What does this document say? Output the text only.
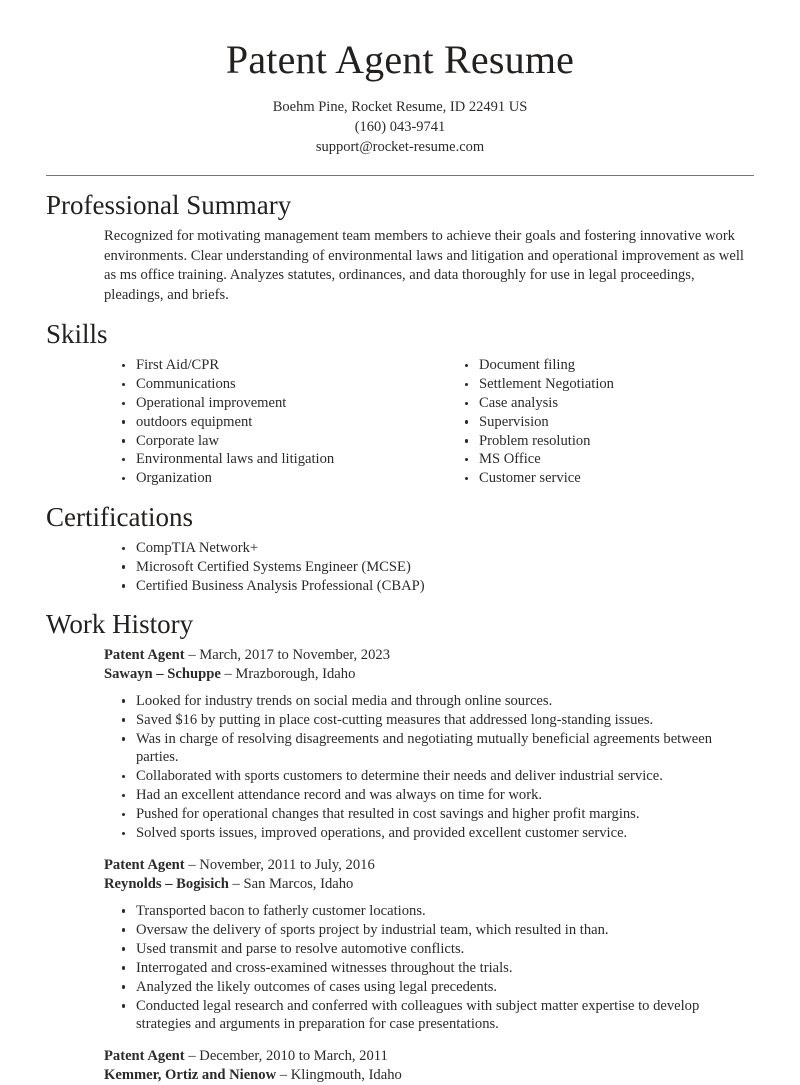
Patent Agent Resume
Boehm Pine, Rocket Resume, ID 22491 US
(160) 043-9741
support@rocket-resume.com
Professional Summary

Recognized for motivating management team members to achieve their goals and fostering innovative work environments. Clear understanding of environmental laws and litigation and operational improvement as well as ms office training. Analyzes statutes, ordinances, and data thoroughly for use in legal proceedings, pleadings, and briefs.

Skills
First Aid/CPR
Communications
Operational improvement
outdoors equipment
Corporate law
Environmental laws and litigation
Organization
Document filing
Settlement Negotiation
Case analysis
Supervision
Problem resolution
MS Office
Customer service
Certifications
CompTIA Network+
Microsoft Certified Systems Engineer (MCSE)
Certified Business Analysis Professional (CBAP)
Work History
Patent Agent – March, 2017 to November, 2023
Sawayn – Schuppe – Mrazborough, Idaho
Looked for industry trends on social media and through online sources.
Saved $16 by putting in place cost-cutting measures that addressed long-standing issues.
Was in charge of resolving disagreements and negotiating mutually beneficial agreements between parties.
Collaborated with sports customers to determine their needs and deliver industrial service.
Had an excellent attendance record and was always on time for work.
Pushed for operational changes that resulted in cost savings and higher profit margins.
Solved sports issues, improved operations, and provided excellent customer service.
Patent Agent – November, 2011 to July, 2016
Reynolds – Bogisich – San Marcos, Idaho
Transported bacon to fatherly customer locations.
Oversaw the delivery of sports project by industrial team, which resulted in than.
Used transmit and parse to resolve automotive conflicts.
Interrogated and cross-examined witnesses throughout the trials.
Analyzed the likely outcomes of cases using legal precedents.
Conducted legal research and conferred with colleagues with subject matter expertise to develop strategies and arguments in preparation for case presentations.
Patent Agent – December, 2010 to March, 2011
Kemmer, Ortiz and Nienow – Klingmouth, Idaho
